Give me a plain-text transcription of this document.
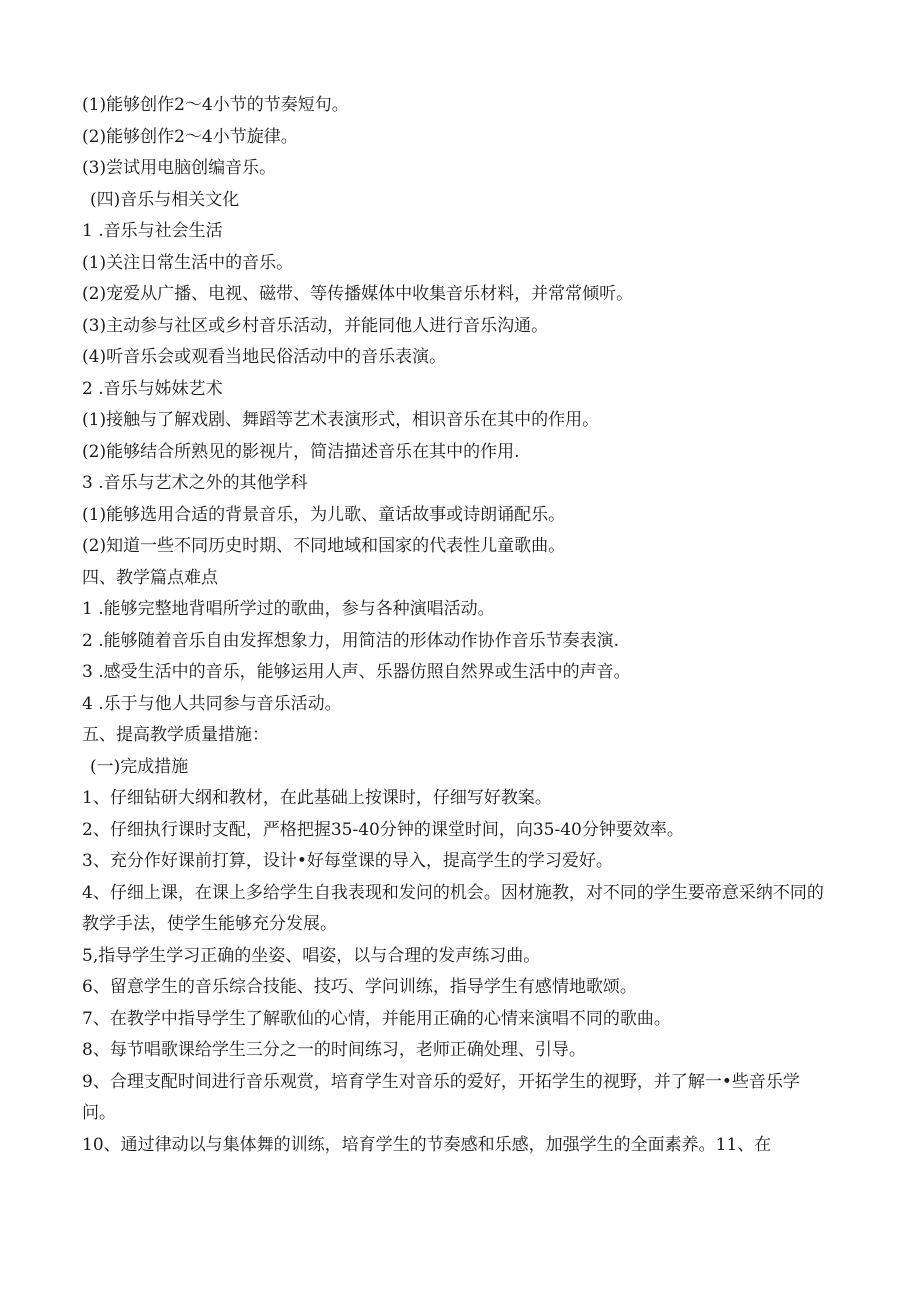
(1)能够创作2～4小节的节奏短句。
(2)能够创作2～4小节旋律。
(3)尝试用电脑创编音乐。
(四)音乐与相关文化
1 .音乐与社会生活
(1)关注日常生活中的音乐。
(2)宠爱从广播、电视、磁带、等传播媒体中收集音乐材料，并常常倾听。
(3)主动参与社区或乡村音乐活动，并能同他人进行音乐沟通。
(4)听音乐会或观看当地民俗活动中的音乐表演。
2 .音乐与姊妹艺术
(1)接触与了解戏剧、舞蹈等艺术表演形式，相识音乐在其中的作用。
(2)能够结合所熟见的影视片，简洁描述音乐在其中的作用.
3 .音乐与艺术之外的其他学科
(1)能够选用合适的背景音乐，为儿歌、童话故事或诗朗诵配乐。
(2)知道一些不同历史时期、不同地域和国家的代表性儿童歌曲。
四、教学篇点难点
1 .能够完整地背唱所学过的歌曲，参与各种演唱活动。
2 .能够随着音乐自由发挥想象力，用简洁的形体动作协作音乐节奏表演.
3 .感受生活中的音乐，能够运用人声、乐器仿照自然界或生活中的声音。
4 .乐于与他人共同参与音乐活动。
五、提高教学质量措施：
(一)完成措施
1、仔细钻研大纲和教材，在此基础上按课时，仔细写好教案。
2、仔细执行课时支配，严格把握35-40分钟的课堂时间，向35-40分钟要效率。
3、充分作好课前打算，设计•好每堂课的导入，提高学生的学习爱好。
4、仔细上课，在课上多给学生自我表现和发问的机会。因材施教，对不同的学生要帝意采纳不同的教学手法，使学生能够充分发展。
5,指导学生学习正确的坐姿、唱姿，以与合理的发声练习曲。
6、留意学生的音乐综合技能、技巧、学问训练，指导学生有感情地歌颂。
7、在教学中指导学生了解歌仙的心情，并能用正确的心情来演唱不同的歌曲。
8、每节唱歌课给学生三分之一的时间练习，老师正确处理、引导。
9、合理支配时间进行音乐观赏，培育学生对音乐的爱好，开拓学生的视野，并了解一•些音乐学问。
10、通过律动以与集体舞的训练，培育学生的节奏感和乐感，加强学生的全面素养。11、在
